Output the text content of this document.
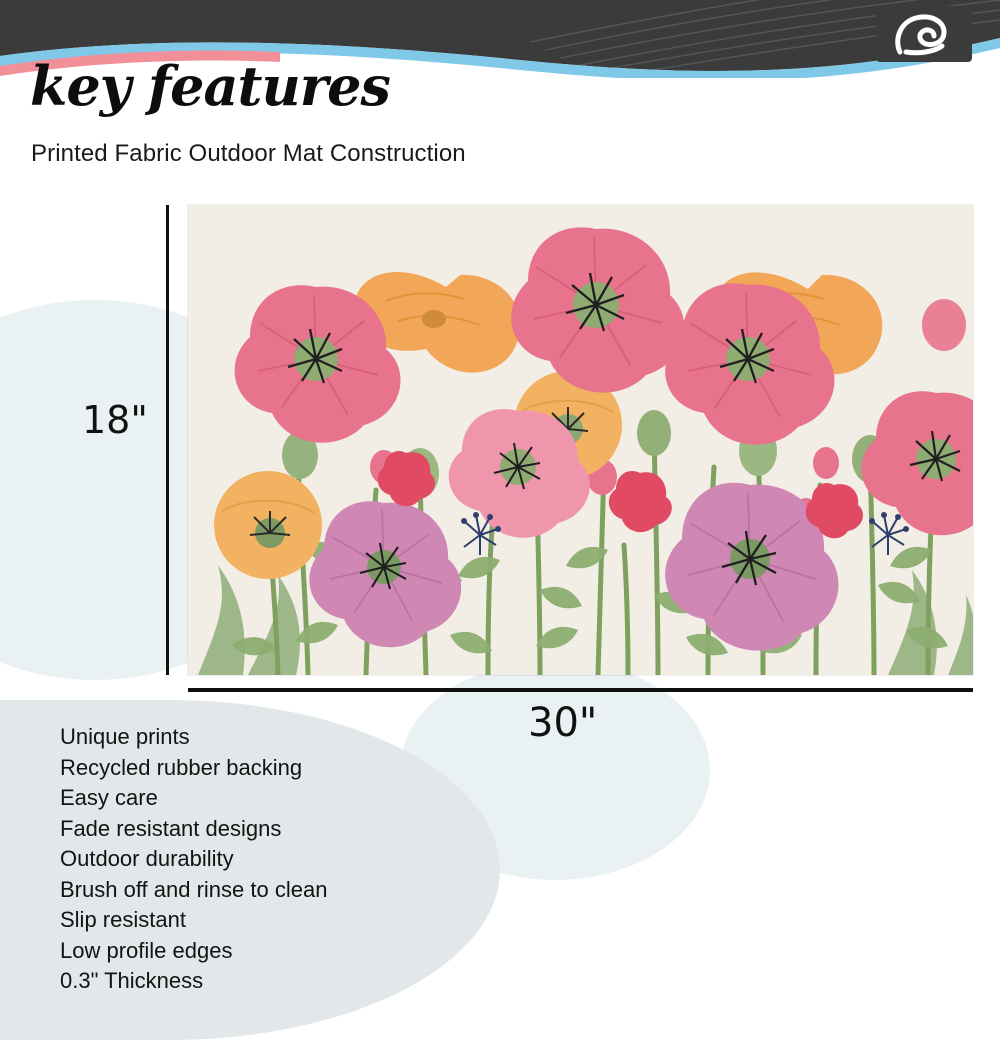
key features
Printed Fabric Outdoor Mat Construction
18"
30"
Unique prints
Recycled rubber backing
Easy care
Fade resistant designs
Outdoor durability
Brush off and rinse to clean
Slip resistant
Low profile edges
0.3" Thickness
